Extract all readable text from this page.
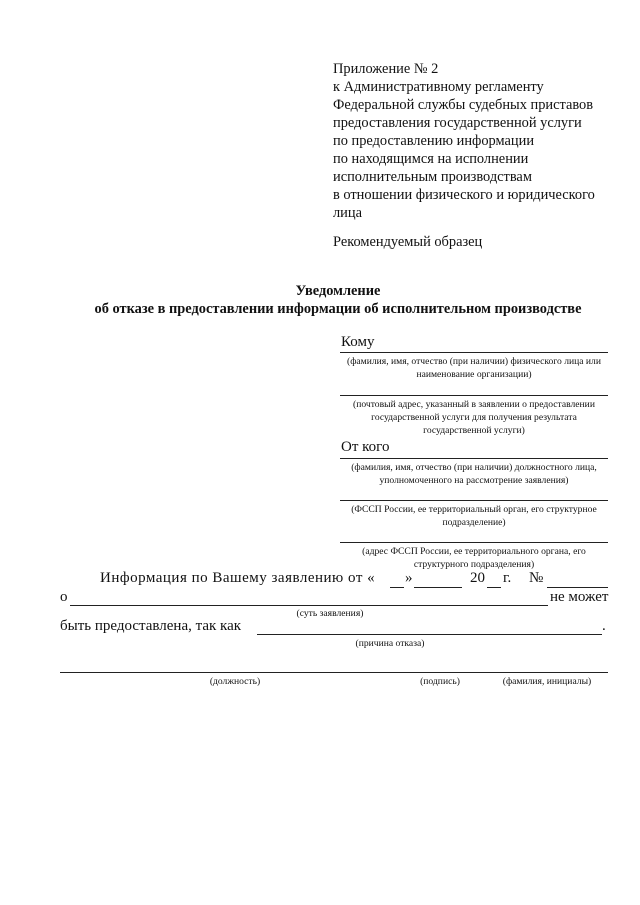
Приложение № 2
к Административному регламенту
Федеральной службы судебных приставов
предоставления государственной услуги
по предоставлению информации
по находящимся на исполнении
исполнительным производствам
в отношении физического и юридического
лица
Рекомендуемый образец
Уведомление
об отказе в предоставлении информации об исполнительном производстве
Кому
(фамилия, имя, отчество (при наличии) физического лица или наименование организации)
(почтовый адрес, указанный в заявлении о предоставлении государственной услуги для получения результата государственной услуги)
От кого
(фамилия, имя, отчество (при наличии) должностного лица, уполномоченного на рассмотрение заявления)
(ФССП России, ее территориальный орган, его структурное подразделение)
(адрес ФССП России, ее территориального органа, его структурного подразделения)
Информация по Вашему заявлению от « »	20 г. №
о	не может
(суть заявления)
быть предоставлена, так как	.
(причина отказа)
(должность)	(подпись)	(фамилия, инициалы)
